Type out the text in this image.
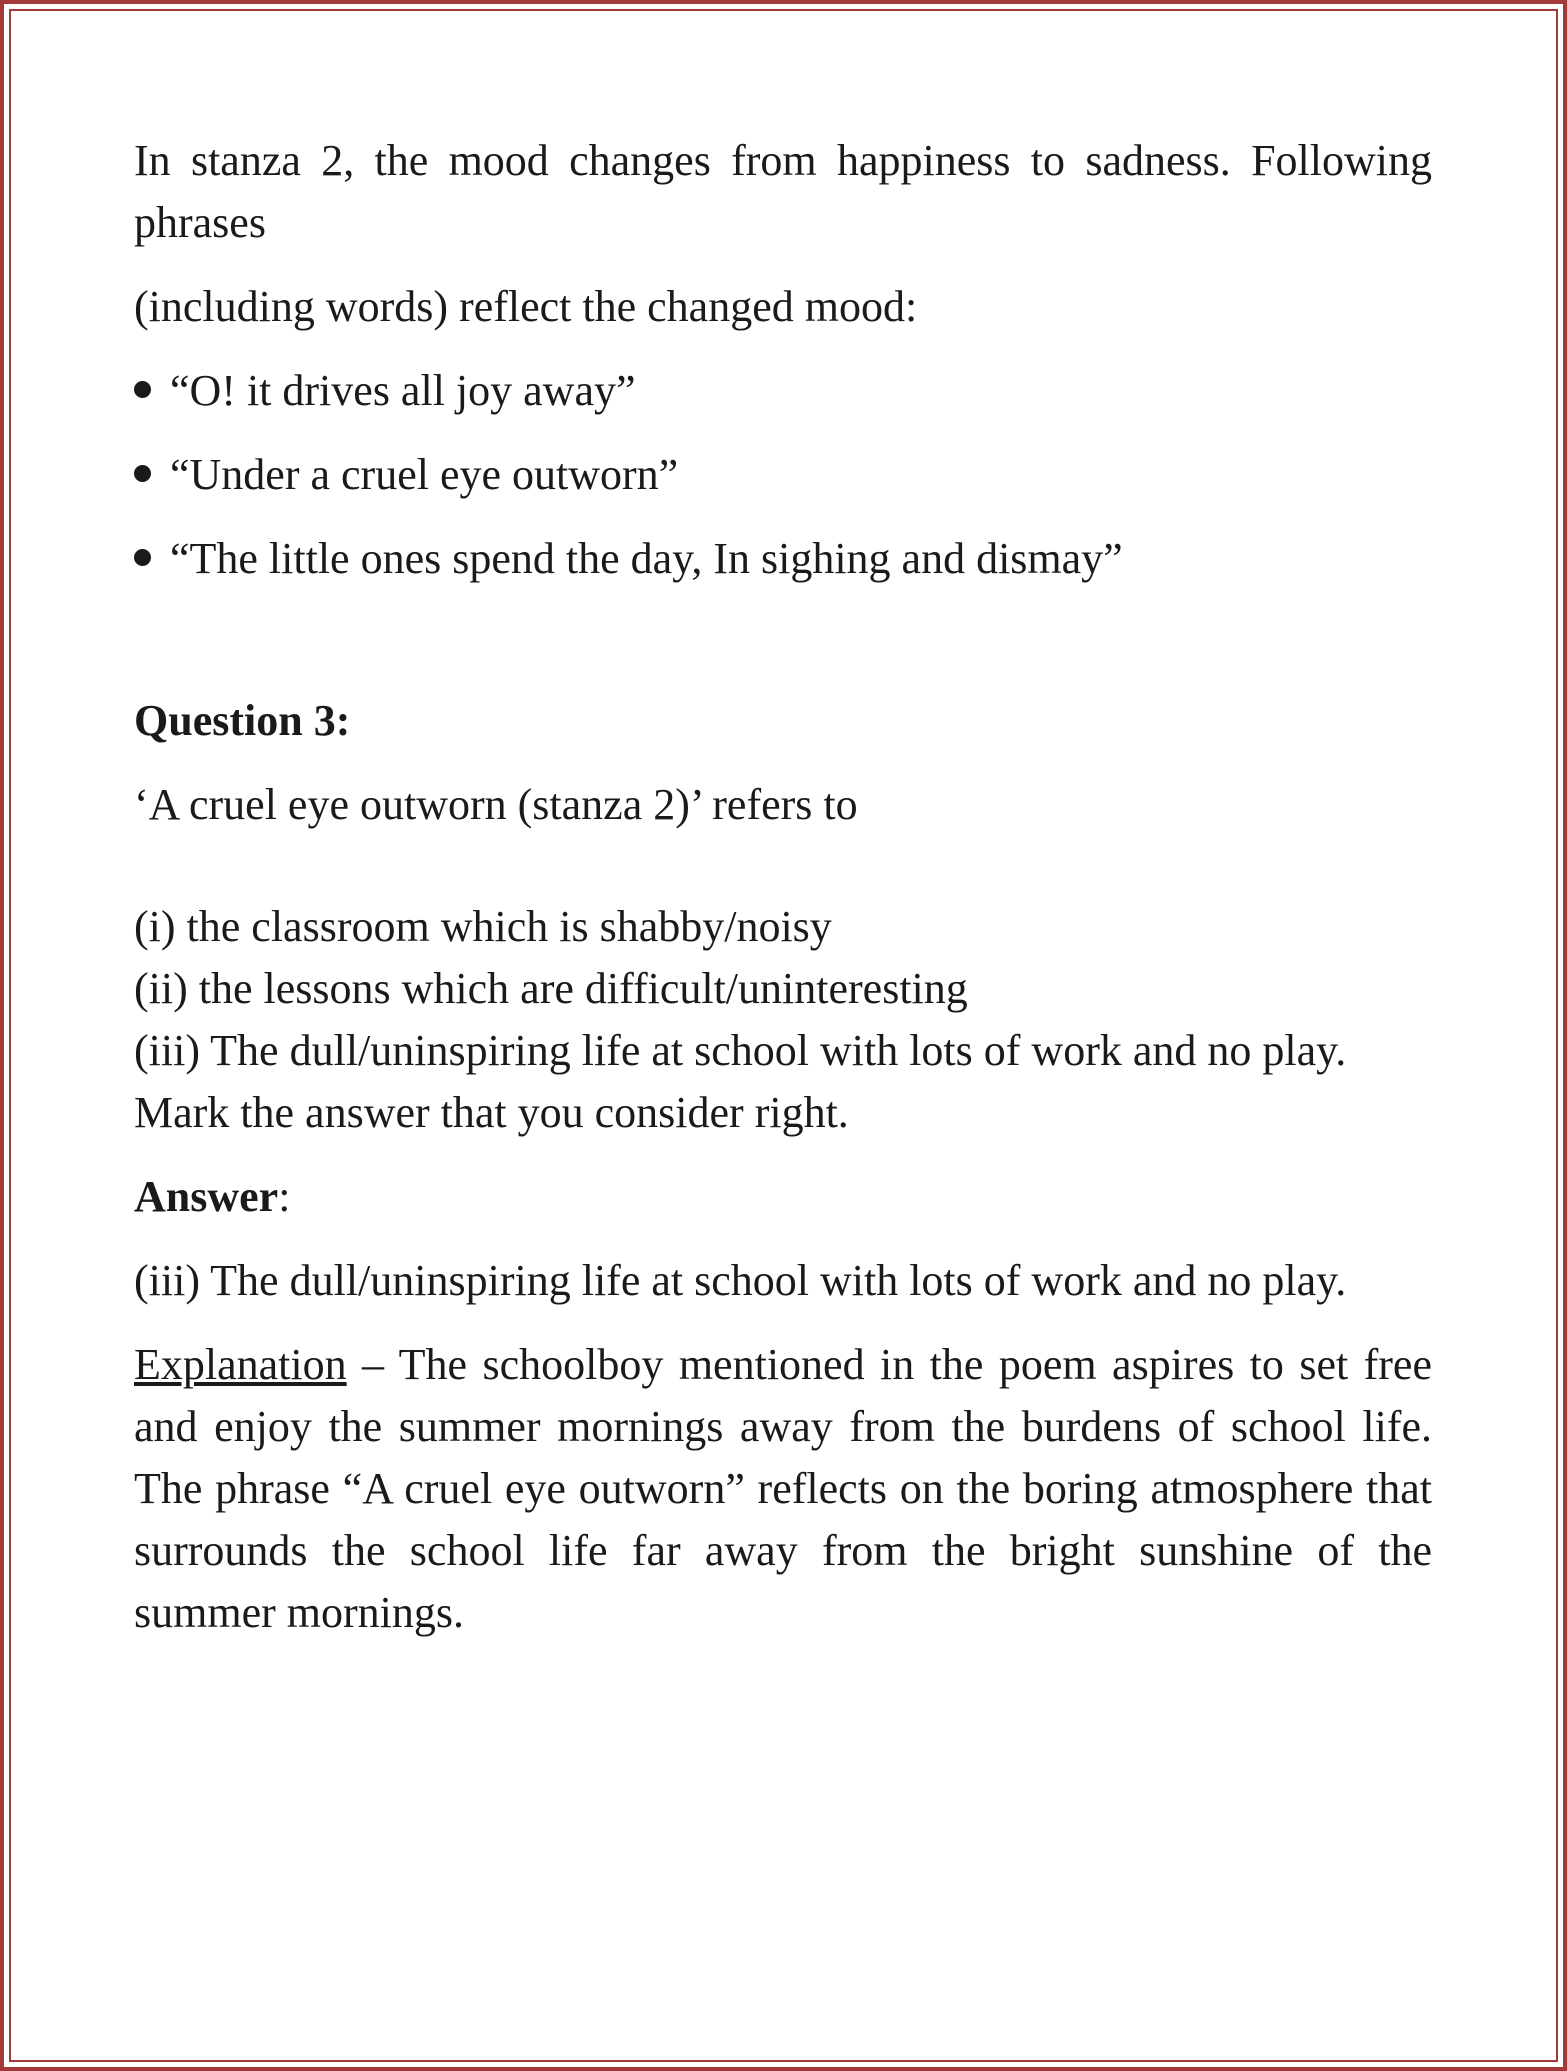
In stanza 2, the mood changes from happiness to sadness. Following phrases

(including words) reflect the changed mood:

“O! it drives all joy away”
“Under a cruel eye outworn”
“The little ones spend the day, In sighing and dismay”

Question 3:

‘A cruel eye outworn (stanza 2)’ refers to

(i) the classroom which is shabby/noisy

(ii) the lessons which are difficult/uninteresting

(iii) The dull/uninspiring life at school with lots of work and no play.

Mark the answer that you consider right.

Answer:

(iii) The dull/uninspiring life at school with lots of work and no play.

Explanation – The schoolboy mentioned in the poem aspires to set free and enjoy the summer mornings away from the burdens of school life. The phrase “A cruel eye outworn” reflects on the boring atmosphere that surrounds the school life far away from the bright sunshine of the summer mornings.
